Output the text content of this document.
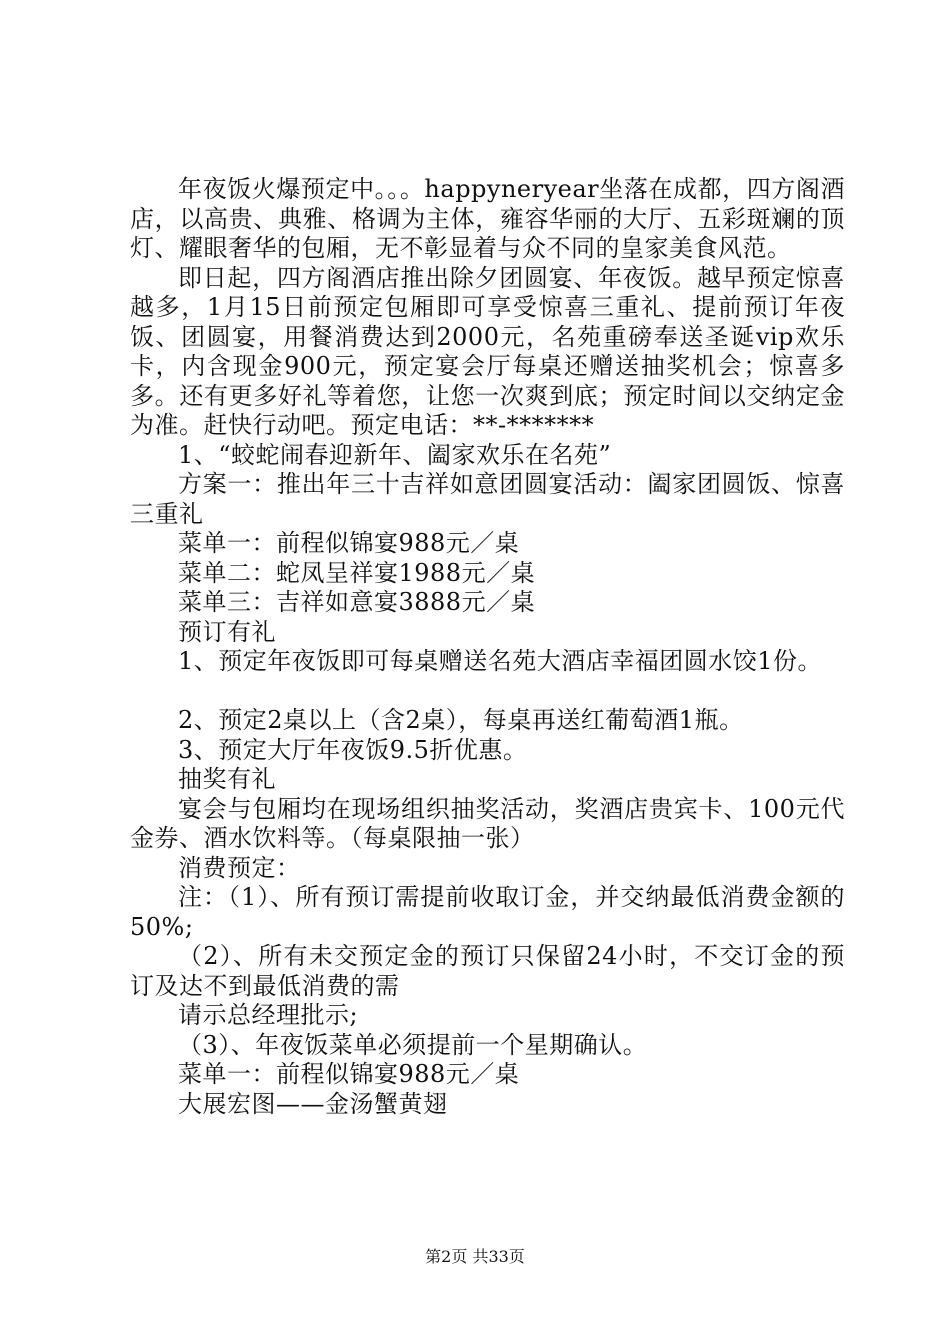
年夜饭火爆预定中。。。happyneryear坐落在成都，四方阁酒店，以高贵、典雅、格调为主体，雍容华丽的大厅、五彩斑斓的顶灯、耀眼奢华的包厢，无不彰显着与众不同的皇家美食风范。

即日起，四方阁酒店推出除夕团圆宴、年夜饭。越早预定惊喜越多，1月15日前预定包厢即可享受惊喜三重礼、提前预订年夜饭、团圆宴，用餐消费达到2000元，名苑重磅奉送圣诞vip欢乐卡，内含现金900元，预定宴会厅每桌还赠送抽奖机会；惊喜多多。还有更多好礼等着您，让您一次爽到底；预定时间以交纳定金为准。赶快行动吧。预定电话：**-*******

1、“蛟蛇闹春迎新年、阖家欢乐在名苑”

方案一：推出年三十吉祥如意团圆宴活动：阖家团圆饭、惊喜三重礼

菜单一：前程似锦宴988元／桌

菜单二：蛇凤呈祥宴1988元／桌

菜单三：吉祥如意宴3888元／桌

预订有礼

1、预定年夜饭即可每桌赠送名苑大酒店幸福团圆水饺1份。

2、预定2桌以上（含2桌），每桌再送红葡萄酒1瓶。

3、预定大厅年夜饭9.5折优惠。

抽奖有礼

宴会与包厢均在现场组织抽奖活动，奖酒店贵宾卡、100元代金券、酒水饮料等。（每桌限抽一张）

消费预定：

注：（1）、所有预订需提前收取订金，并交纳最低消费金额的50%;

（2）、所有未交预定金的预订只保留24小时，不交订金的预订及达不到最低消费的需

请示总经理批示;

（3）、年夜饭菜单必须提前一个星期确认。

菜单一：前程似锦宴988元／桌

大展宏图——金汤蟹黄翅

第2页 共33页
